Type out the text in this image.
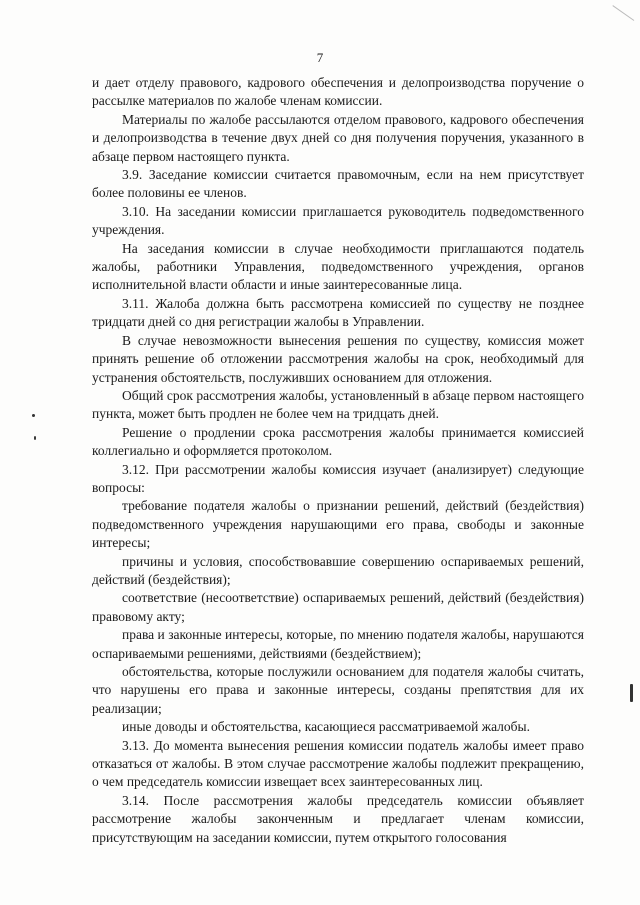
7

и дает отделу правового, кадрового обеспечения и делопроизводства поручение о рассылке материалов по жалобе членам комиссии.

Материалы по жалобе рассылаются отделом правового, кадрового обеспечения и делопроизводства в течение двух дней со дня получения поручения, указанного в абзаце первом настоящего пункта.

3.9. Заседание комиссии считается правомочным, если на нем присутствует более половины ее членов.

3.10. На заседании комиссии приглашается руководитель подведомственного учреждения.

На заседания комиссии в случае необходимости приглашаются податель жалобы, работники Управления, подведомственного учреждения, органов исполнительной власти области и иные заинтересованные лица.

3.11. Жалоба должна быть рассмотрена комиссией по существу не позднее тридцати дней со дня регистрации жалобы в Управлении.

В случае невозможности вынесения решения по существу, комиссия может принять решение об отложении рассмотрения жалобы на срок, необходимый для устранения обстоятельств, послуживших основанием для отложения.

Общий срок рассмотрения жалобы, установленный в абзаце первом настоящего пункта, может быть продлен не более чем на тридцать дней.

Решение о продлении срока рассмотрения жалобы принимается комиссией коллегиально и оформляется протоколом.

3.12. При рассмотрении жалобы комиссия изучает (анализирует) следующие вопросы:

требование подателя жалобы о признании решений, действий (бездействия) подведомственного учреждения нарушающими его права, свободы и законные интересы;

причины и условия, способствовавшие совершению оспариваемых решений, действий (бездействия);

соответствие (несоответствие) оспариваемых решений, действий (бездействия) правовому акту;

права и законные интересы, которые, по мнению подателя жалобы, нарушаются оспариваемыми решениями, действиями (бездействием);

обстоятельства, которые послужили основанием для подателя жалобы считать, что нарушены его права и законные интересы, созданы препятствия для их реализации;

иные доводы и обстоятельства, касающиеся рассматриваемой жалобы.

3.13. До момента вынесения решения комиссии податель жалобы имеет право отказаться от жалобы. В этом случае рассмотрение жалобы подлежит прекращению, о чем председатель комиссии извещает всех заинтересованных лиц.

3.14. После рассмотрения жалобы председатель комиссии объявляет рассмотрение жалобы законченным и предлагает членам комиссии, присутствующим на заседании комиссии, путем открытого голосования
